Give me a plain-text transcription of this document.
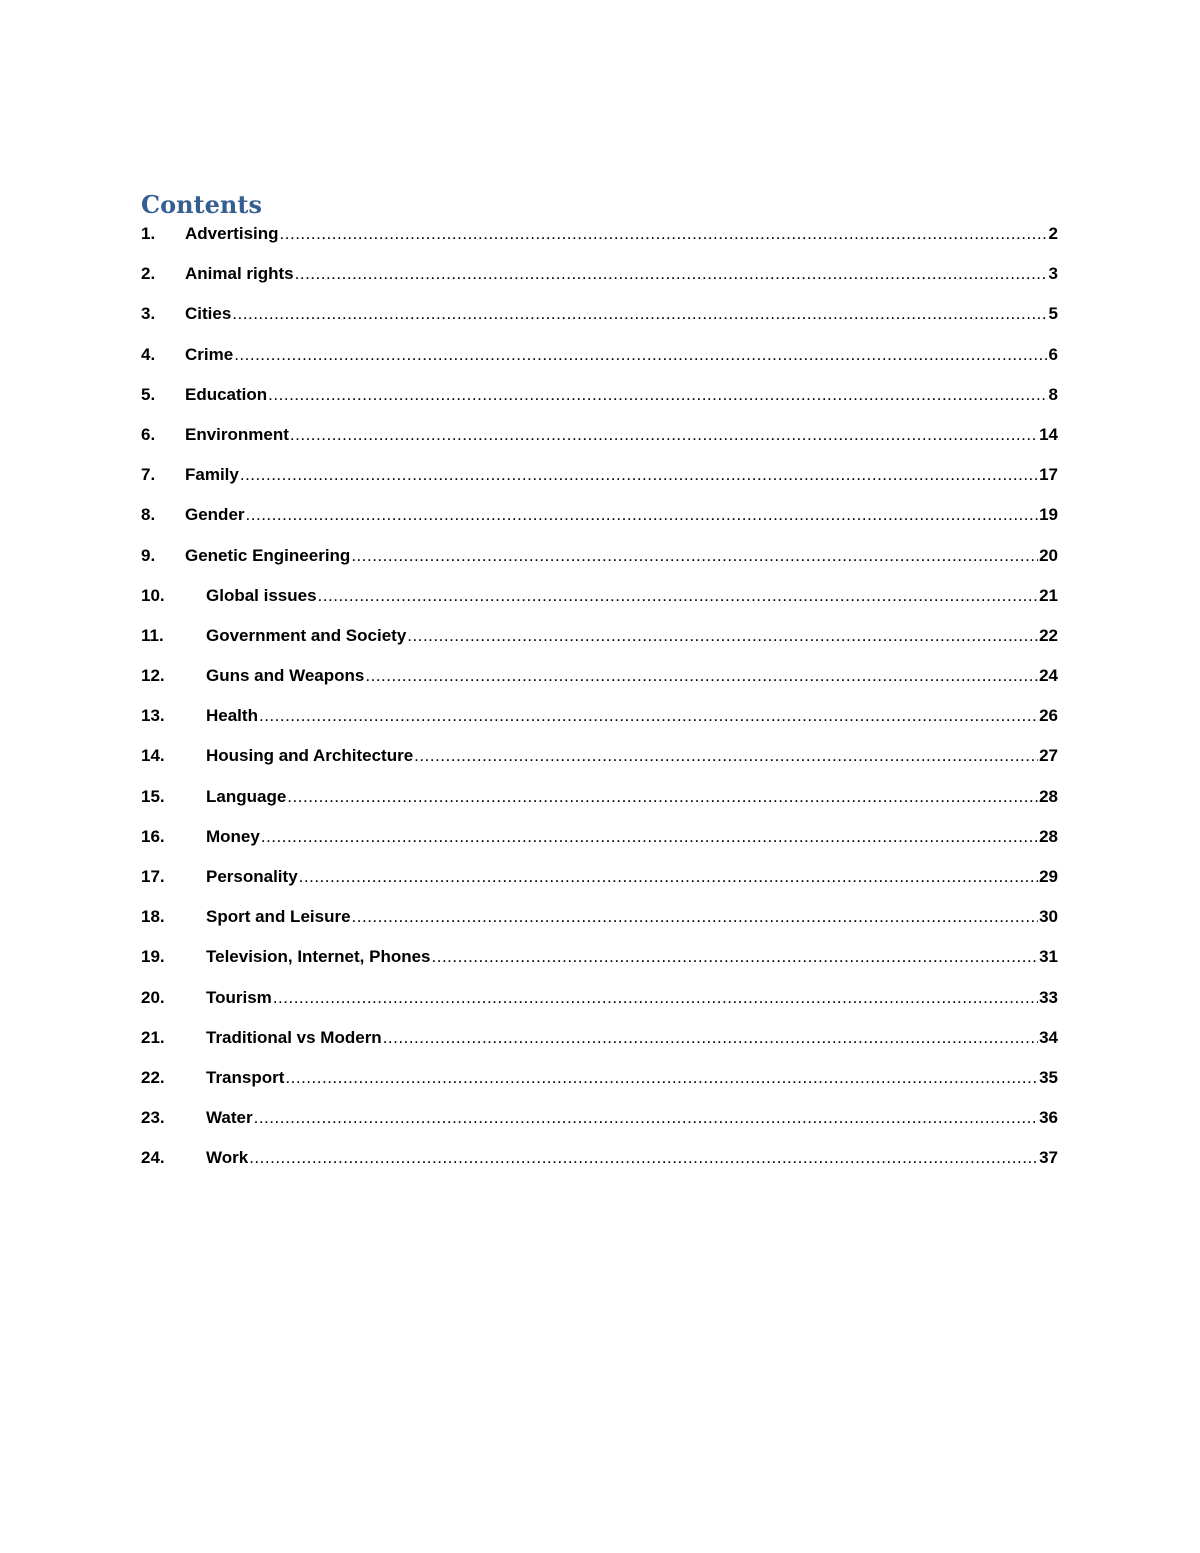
Contents
1.	Advertising .....	2
2.	Animal rights .....	3
3.	Cities .....	5
4.	Crime .....	6
5.	Education .....	8
6.	Environment .....	14
7.	Family .....	17
8.	Gender .....	19
9.	Genetic Engineering .....	20
10.	Global issues .....	21
11.	Government and Society .....	22
12.	Guns and Weapons .....	24
13.	Health .....	26
14.	Housing and Architecture .....	27
15.	Language .....	28
16.	Money .....	28
17.	Personality .....	29
18.	Sport and Leisure .....	30
19.	Television, Internet, Phones .....	31
20.	Tourism .....	33
21.	Traditional vs Modern .....	34
22.	Transport .....	35
23.	Water .....	36
24.	Work .....	37
